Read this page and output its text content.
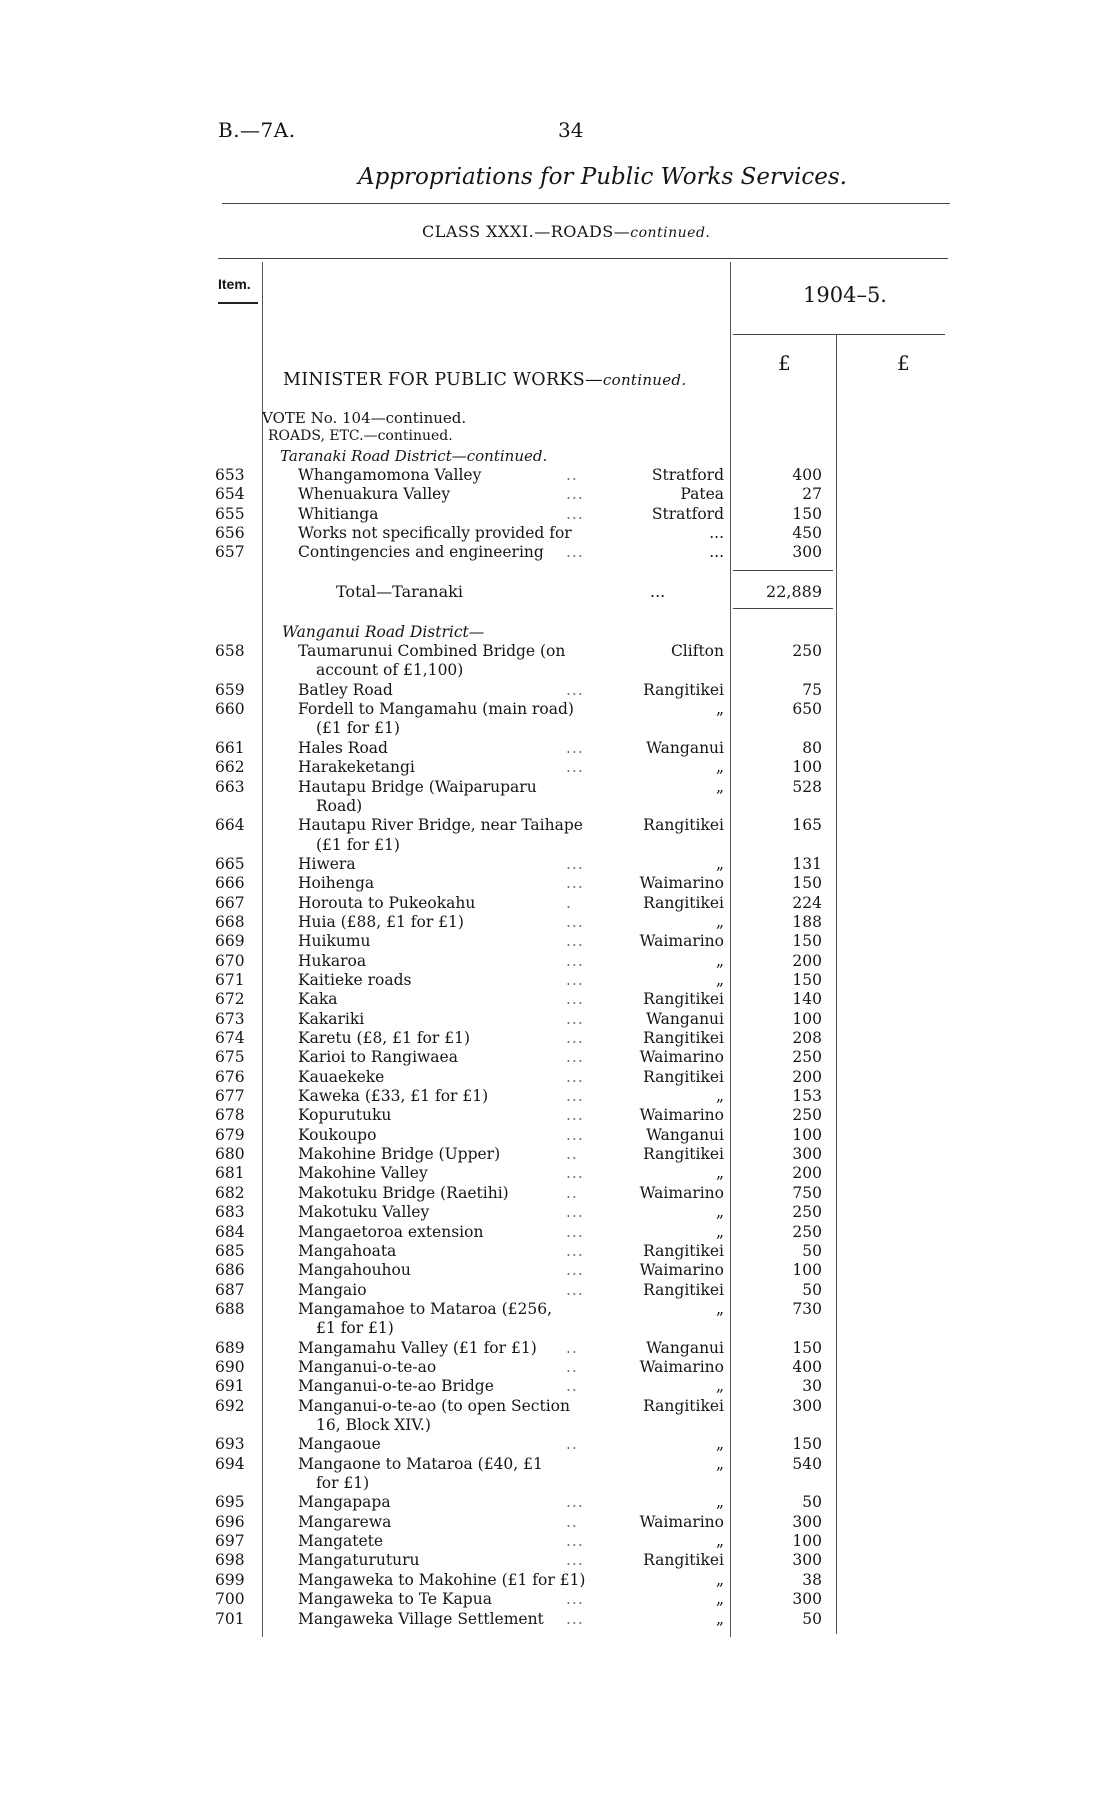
B.—7A.	34
Appropriations for Public Works Services.
CLASS XXXI.—ROADS—continued.
Item.	1904–5.
£	£
MINISTER FOR PUBLIC WORKS—continued.
VOTE No. 104—continued.
ROADS, ETC.—continued.
Taranaki Road District—continued.
653	Whangamomona Valley	..	Stratford	400
654	Whenuakura Valley	...	Patea	27
655	Whitianga	...	Stratford	150
656	Works not specifically provided for	...	450
657	Contingencies and engineering ...	...	300
Total—Taranaki	...	22,889
Wanganui Road District—
658	Taumarunui Combined Bridge (on	Clifton	250
account of £1,100)
659	Batley Road	...	Rangitikei	75
660	Fordell to Mangamahu (main road)	„	650
(£1 for £1)
661	Hales Road	...	Wanganui	80
662	Harakeketangi	...	„	100
663	Hautapu Bridge (Waiparuparu	„	528
Road)
664	Hautapu River Bridge, near Taihape	Rangitikei	165
(£1 for £1)
665	Hiwera	...	„	131
666	Hoihenga	...	Waimarino	150
667	Horouta to Pukeokahu	.	Rangitikei	224
668	Huia (£88, £1 for £1)	...	„	188
669	Huikumu	...	Waimarino	150
670	Hukaroa	...	„	200
671	Kaitieke roads	...	„	150
672	Kaka	...	Rangitikei	140
673	Kakariki	...	Wanganui	100
674	Karetu (£8, £1 for £1)	...	Rangitikei	208
675	Karioi to Rangiwaea	...	Waimarino	250
676	Kauaekeke	...	Rangitikei	200
677	Kaweka (£33, £1 for £1)	...	„	153
678	Kopurutuku	...	Waimarino	250
679	Koukoupo	...	Wanganui	100
680	Makohine Bridge (Upper)	..	Rangitikei	300
681	Makohine Valley	...	„	200
682	Makotuku Bridge (Raetihi)	..	Waimarino	750
683	Makotuku Valley	...	„	250
684	Mangaetoroa extension	...	„	250
685	Mangahoata	...	Rangitikei	50
686	Mangahouhou	...	Waimarino	100
687	Mangaio	...	Rangitikei	50
688	Mangamahoe to Mataroa (£256,	„	730
£1 for £1)
689	Mangamahu Valley (£1 for £1) ..	Wanganui	150
690	Manganui-o-te-ao	..	Waimarino	400
691	Manganui-o-te-ao Bridge	..	„	30
692	Manganui-o-te-ao (to open Section	Rangitikei	300
16, Block XIV.)
693	Mangaoue	..	„	150
694	Mangaone to Mataroa (£40, £1	„	540
for £1)
695	Mangapapa	...	„	50
696	Mangarewa	..	Waimarino	300
697	Mangatete	...	„	100
698	Mangaturuturu	...	Rangitikei	300
699	Mangaweka to Makohine (£1 for £1)	„	38
700	Mangaweka to Te Kapua	...	„	300
701	Mangaweka Village Settlement ...	„	50
